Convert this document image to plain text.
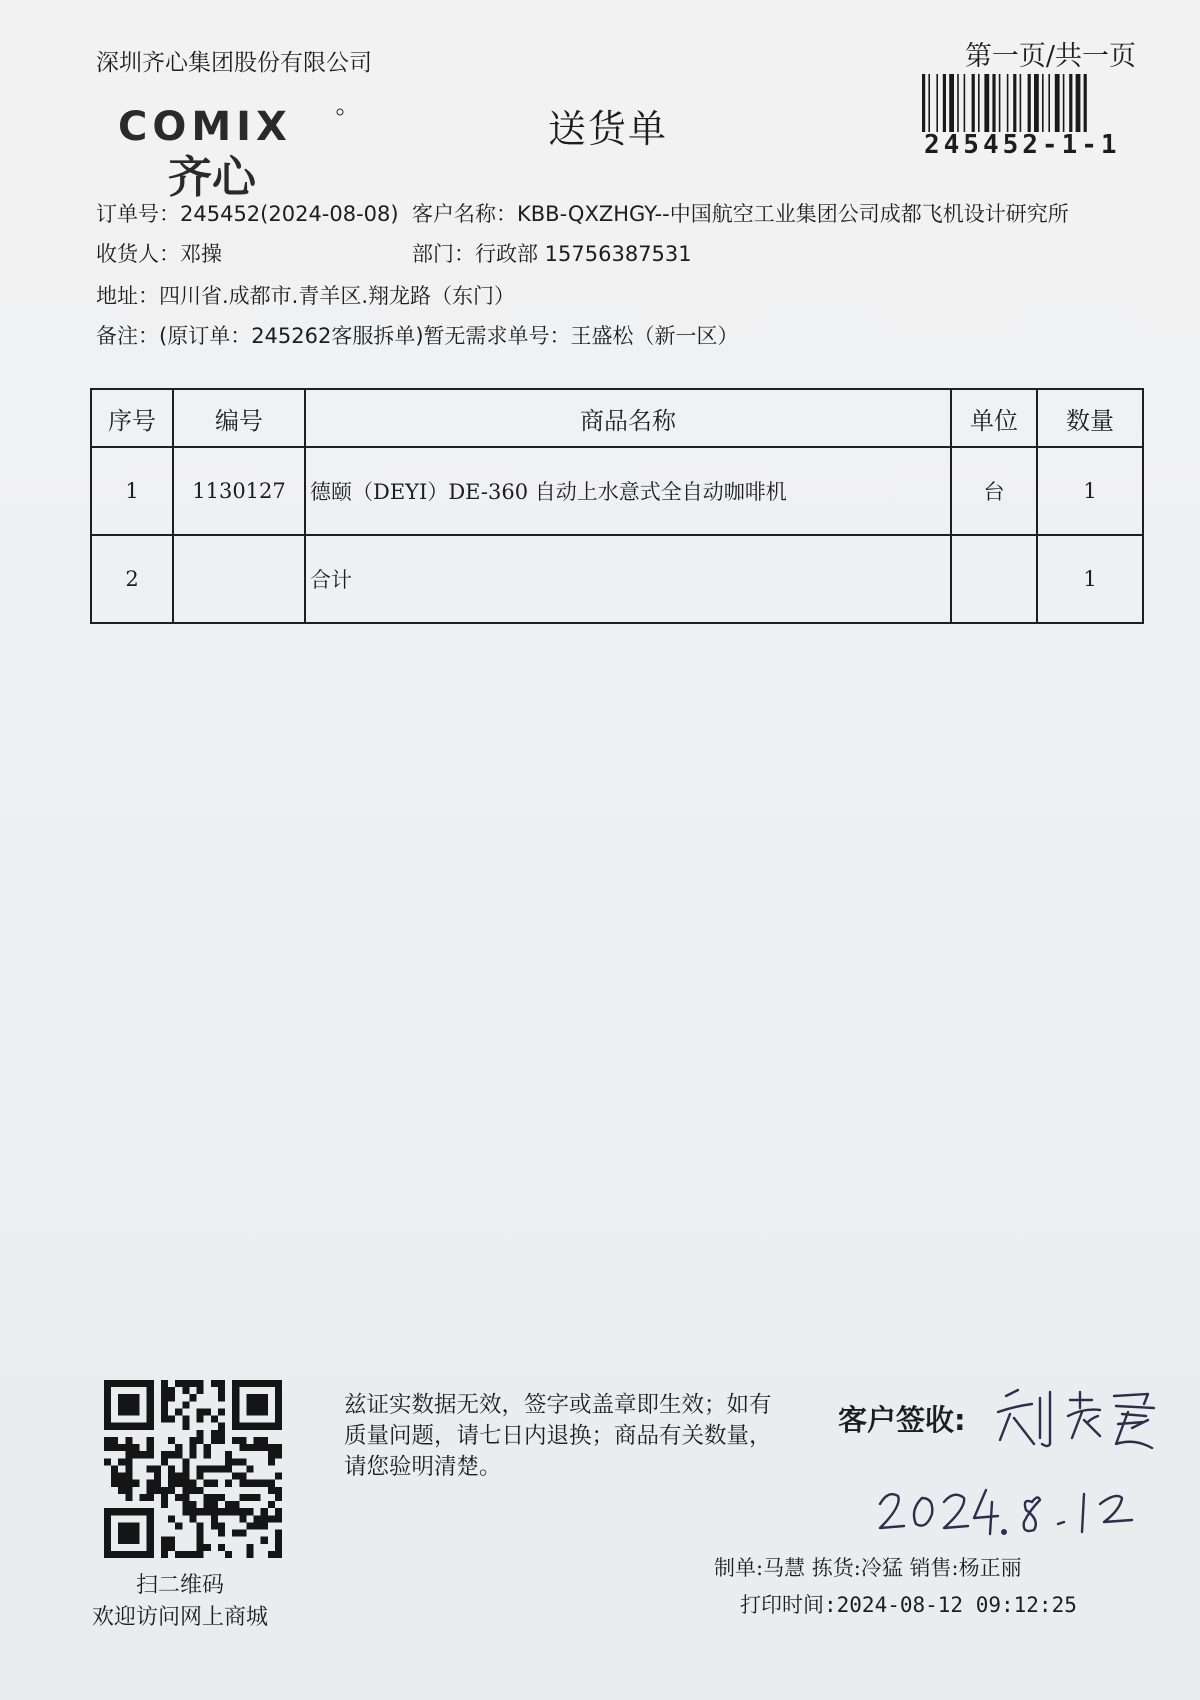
深圳齐心集团股份有限公司	第一页/共一页
245452-1-1
COMIX
齐心
送货单
订单号：245452(2024-08-08) 客户名称：KBB-QXZHGY--中国航空工业集团公司成都飞机设计研究所
收货人：邓操	部门：行政部 15756387531
地址：四川省.成都市.青羊区.翔龙路（东门）
备注：(原订单：245262客服拆单)暂无需求单号：王盛松（新一区）
序号	编号	商品名称	单位	数量
1	1130127	德颐（DEYI）DE-360 自动上水意式全自动咖啡机	台	1
2		合计		1
扫二维码
欢迎访问网上商城
兹证实数据无效，签字或盖章即生效；如有质量问题，请七日内退换；商品有关数量，请您验明清楚。
客户签收:
制单:马慧 拣货:冷猛 销售:杨正丽
打印时间:2024-08-12 09:12:25
